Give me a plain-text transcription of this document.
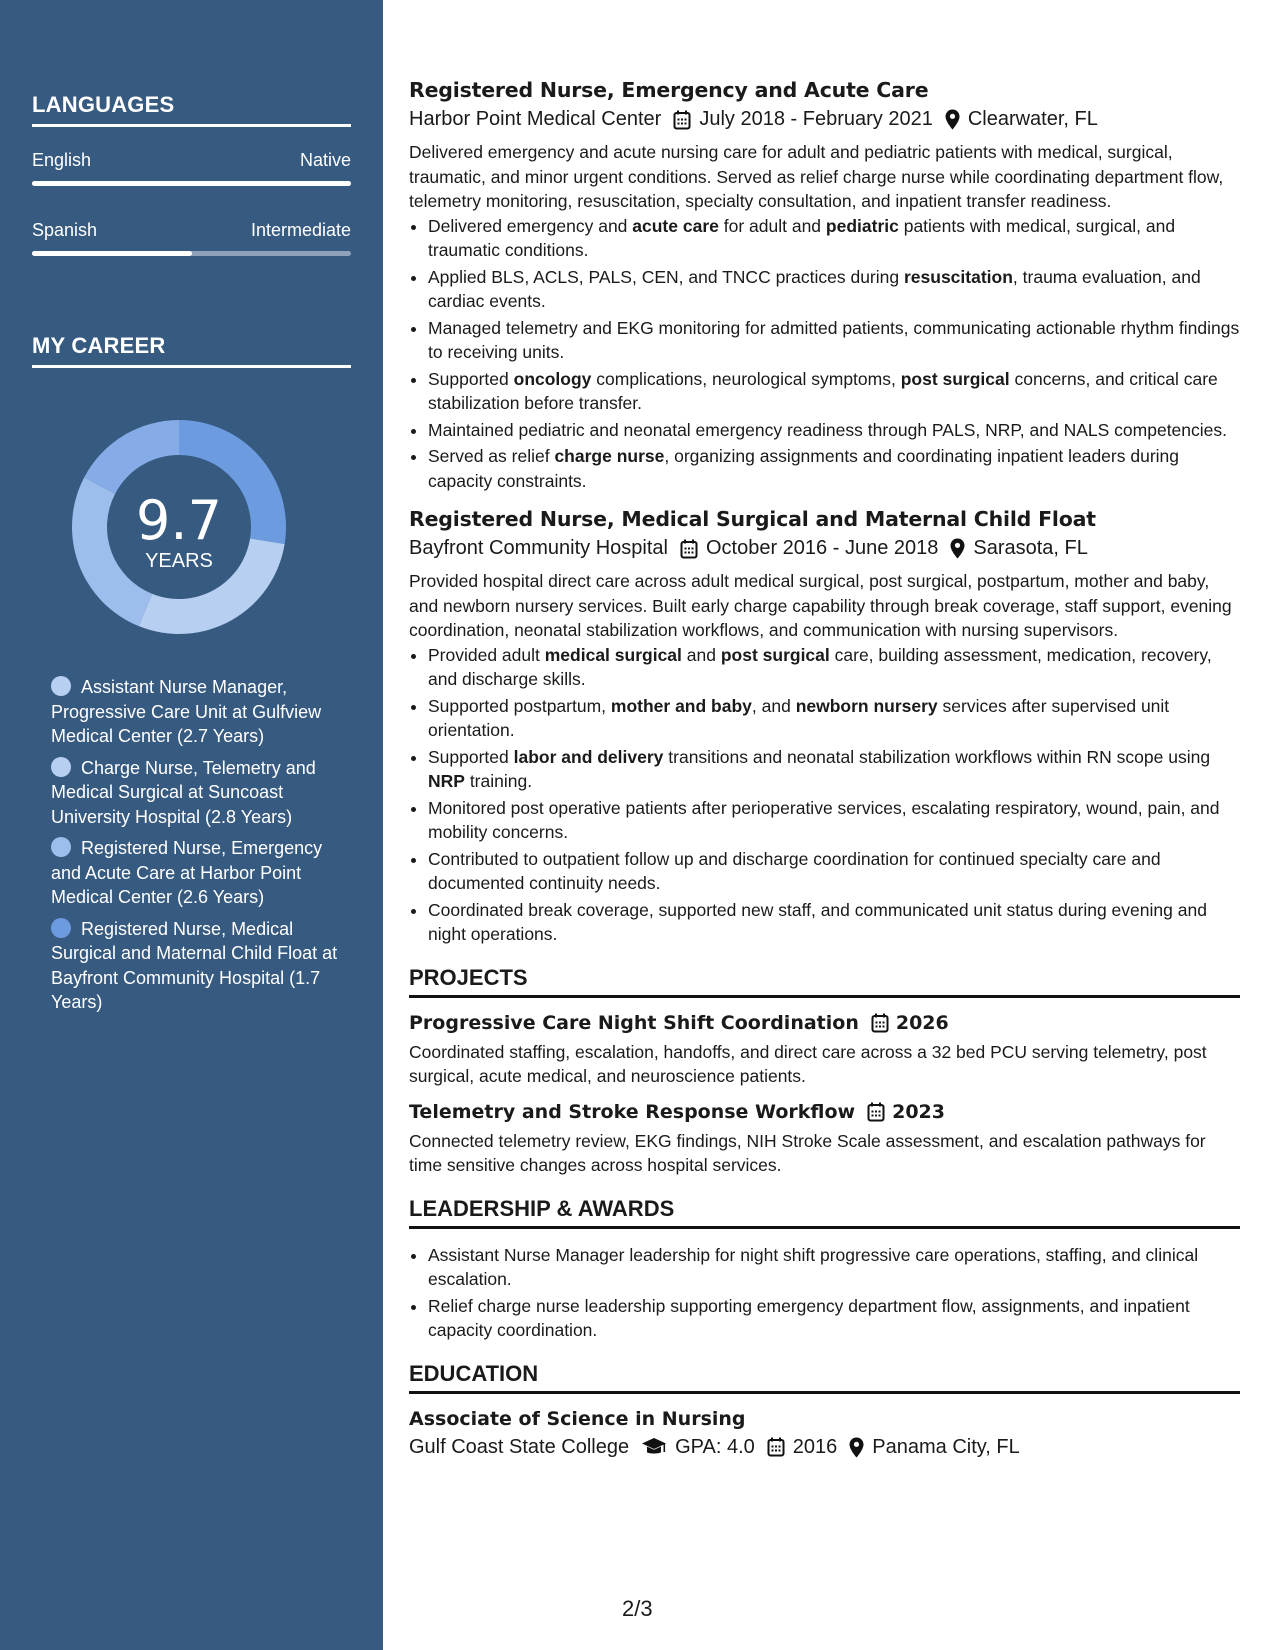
LANGUAGES
English	Native
Spanish	Intermediate
MY CAREER
9.7
YEARS
Assistant Nurse Manager, Progressive Care Unit at Gulfview Medical Center (2.7 Years)
Charge Nurse, Telemetry and Medical Surgical at Suncoast University Hospital (2.8 Years)
Registered Nurse, Emergency and Acute Care at Harbor Point Medical Center (2.6 Years)
Registered Nurse, Medical Surgical and Maternal Child Float at Bayfront Community Hospital (1.7 Years)
Registered Nurse, Emergency and Acute Care
Harbor Point Medical Center July 2018 - February 2021 Clearwater, FL

Delivered emergency and acute nursing care for adult and pediatric patients with medical, surgical, traumatic, and minor urgent conditions. Served as relief charge nurse while coordinating department flow, telemetry monitoring, resuscitation, specialty consultation, and inpatient transfer readiness.

• Delivered emergency and acute care for adult and pediatric patients with medical, surgical, and traumatic conditions.
• Applied BLS, ACLS, PALS, CEN, and TNCC practices during resuscitation, trauma evaluation, and cardiac events.
• Managed telemetry and EKG monitoring for admitted patients, communicating actionable rhythm findings to receiving units.
• Supported oncology complications, neurological symptoms, post surgical concerns, and critical care stabilization before transfer.
• Maintained pediatric and neonatal emergency readiness through PALS, NRP, and NALS competencies.
• Served as relief charge nurse, organizing assignments and coordinating inpatient leaders during capacity constraints.
Registered Nurse, Medical Surgical and Maternal Child Float
Bayfront Community Hospital October 2016 - June 2018 Sarasota, FL

Provided hospital direct care across adult medical surgical, post surgical, postpartum, mother and baby, and newborn nursery services. Built early charge capability through break coverage, staff support, evening coordination, neonatal stabilization workflows, and communication with nursing supervisors.

• Provided adult medical surgical and post surgical care, building assessment, medication, recovery, and discharge skills.
• Supported postpartum, mother and baby, and newborn nursery services after supervised unit orientation.
• Supported labor and delivery transitions and neonatal stabilization workflows within RN scope using NRP training.
• Monitored post operative patients after perioperative services, escalating respiratory, wound, pain, and mobility concerns.
• Contributed to outpatient follow up and discharge coordination for continued specialty care and documented continuity needs.
• Coordinated break coverage, supported new staff, and communicated unit status during evening and night operations.
PROJECTS
Progressive Care Night Shift Coordination 2026

Coordinated staffing, escalation, handoffs, and direct care across a 32 bed PCU serving telemetry, post surgical, acute medical, and neuroscience patients.

Telemetry and Stroke Response Workflow 2023

Connected telemetry review, EKG findings, NIH Stroke Scale assessment, and escalation pathways for time sensitive changes across hospital services.

LEADERSHIP & AWARDS
• Assistant Nurse Manager leadership for night shift progressive care operations, staffing, and clinical escalation.
• Relief charge nurse leadership supporting emergency department flow, assignments, and inpatient capacity coordination.
EDUCATION
Associate of Science in Nursing
Gulf Coast State College GPA: 4.0 2016 Panama City, FL
2/3
